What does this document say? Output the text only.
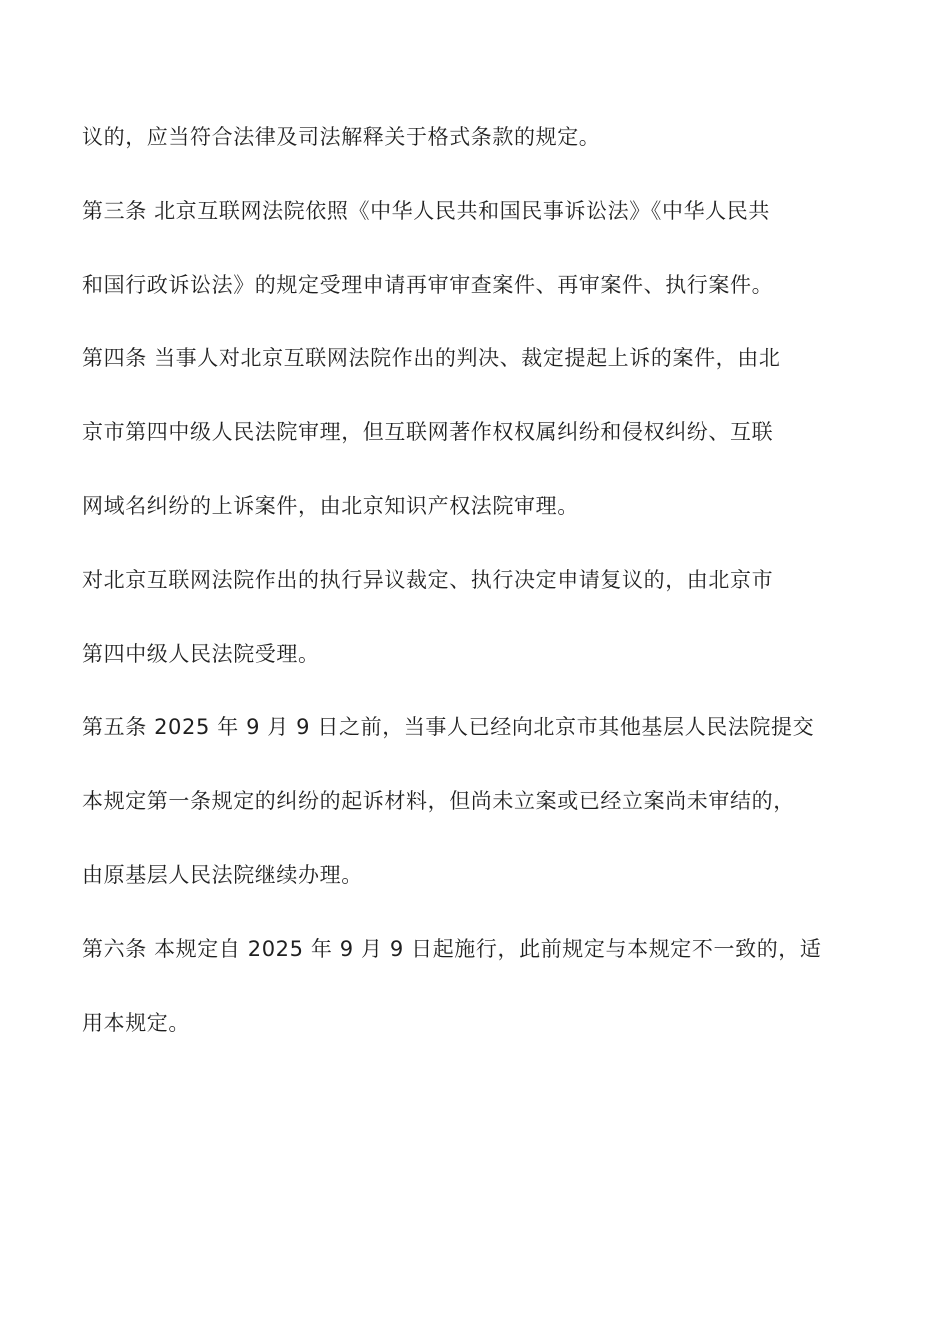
议的，应当符合法律及司法解释关于格式条款的规定。
第三条 北京互联网法院依照《中华人民共和国民事诉讼法》《中华人民共
和国行政诉讼法》的规定受理申请再审审查案件、再审案件、执行案件。
第四条 当事人对北京互联网法院作出的判决、裁定提起上诉的案件，由北
京市第四中级人民法院审理，但互联网著作权权属纠纷和侵权纠纷、互联
网域名纠纷的上诉案件，由北京知识产权法院审理。
对北京互联网法院作出的执行异议裁定、执行决定申请复议的，由北京市
第四中级人民法院受理。
第五条 2025 年 9 月 9 日之前，当事人已经向北京市其他基层人民法院提交
本规定第一条规定的纠纷的起诉材料，但尚未立案或已经立案尚未审结的，
由原基层人民法院继续办理。
第六条 本规定自 2025 年 9 月 9 日起施行，此前规定与本规定不一致的，适
用本规定。
